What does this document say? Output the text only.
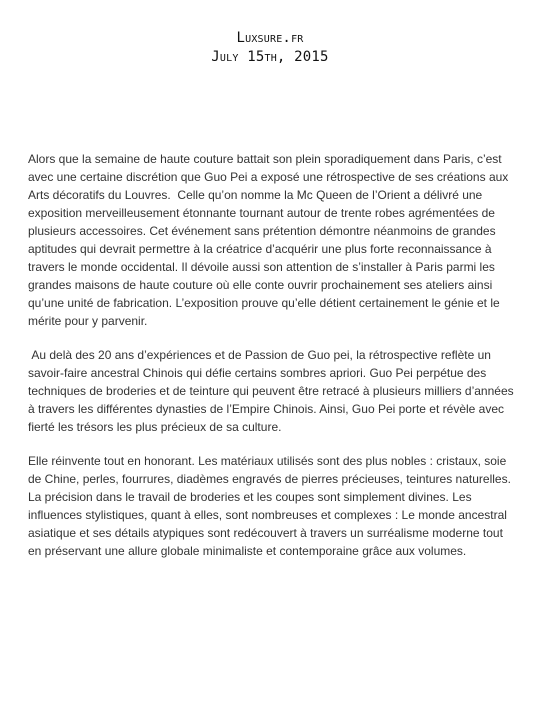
Luxsure.fr
July 15th, 2015

Alors que la semaine de haute couture battait son plein sporadiquement dans Paris, c’est avec une certaine discrétion que Guo Pei a exposé une rétrospective de ses créations aux Arts décoratifs du Louvres.  Celle qu’on nomme la Mc Queen de l’Orient a délivré une exposition merveilleusement étonnante tournant autour de trente robes agrémentées de plusieurs accessoires. Cet événement sans prétention démontre néanmoins de grandes aptitudes qui devrait permettre à la créatrice d’acquérir une plus forte reconnaissance à travers le monde occidental. Il dévoile aussi son attention de s’installer à Paris parmi les grandes maisons de haute couture où elle conte ouvrir prochainement ses ateliers ainsi qu’une unité de fabrication. L’exposition prouve qu’elle détient certainement le génie et le mérite pour y parvenir.

Au delà des 20 ans d’expériences et de Passion de Guo pei, la rétrospective reflète un savoir-faire ancestral Chinois qui défie certains sombres apriori. Guo Pei perpétue des techniques de broderies et de teinture qui peuvent être retracé à plusieurs milliers d’années à travers les différentes dynasties de l’Empire Chinois. Ainsi, Guo Pei porte et révèle avec fierté les trésors les plus précieux de sa culture.

Elle réinvente tout en honorant. Les matériaux utilisés sont des plus nobles : cristaux, soie de Chine, perles, fourrures, diadèmes engravés de pierres précieuses, teintures naturelles. La précision dans le travail de broderies et les coupes sont simplement divines. Les influences stylistiques, quant à elles, sont nombreuses et complexes : Le monde ancestral asiatique et ses détails atypiques sont redécouvert à travers un surréalisme moderne tout en préservant une allure globale minimaliste et contemporaine grâce aux volumes.
